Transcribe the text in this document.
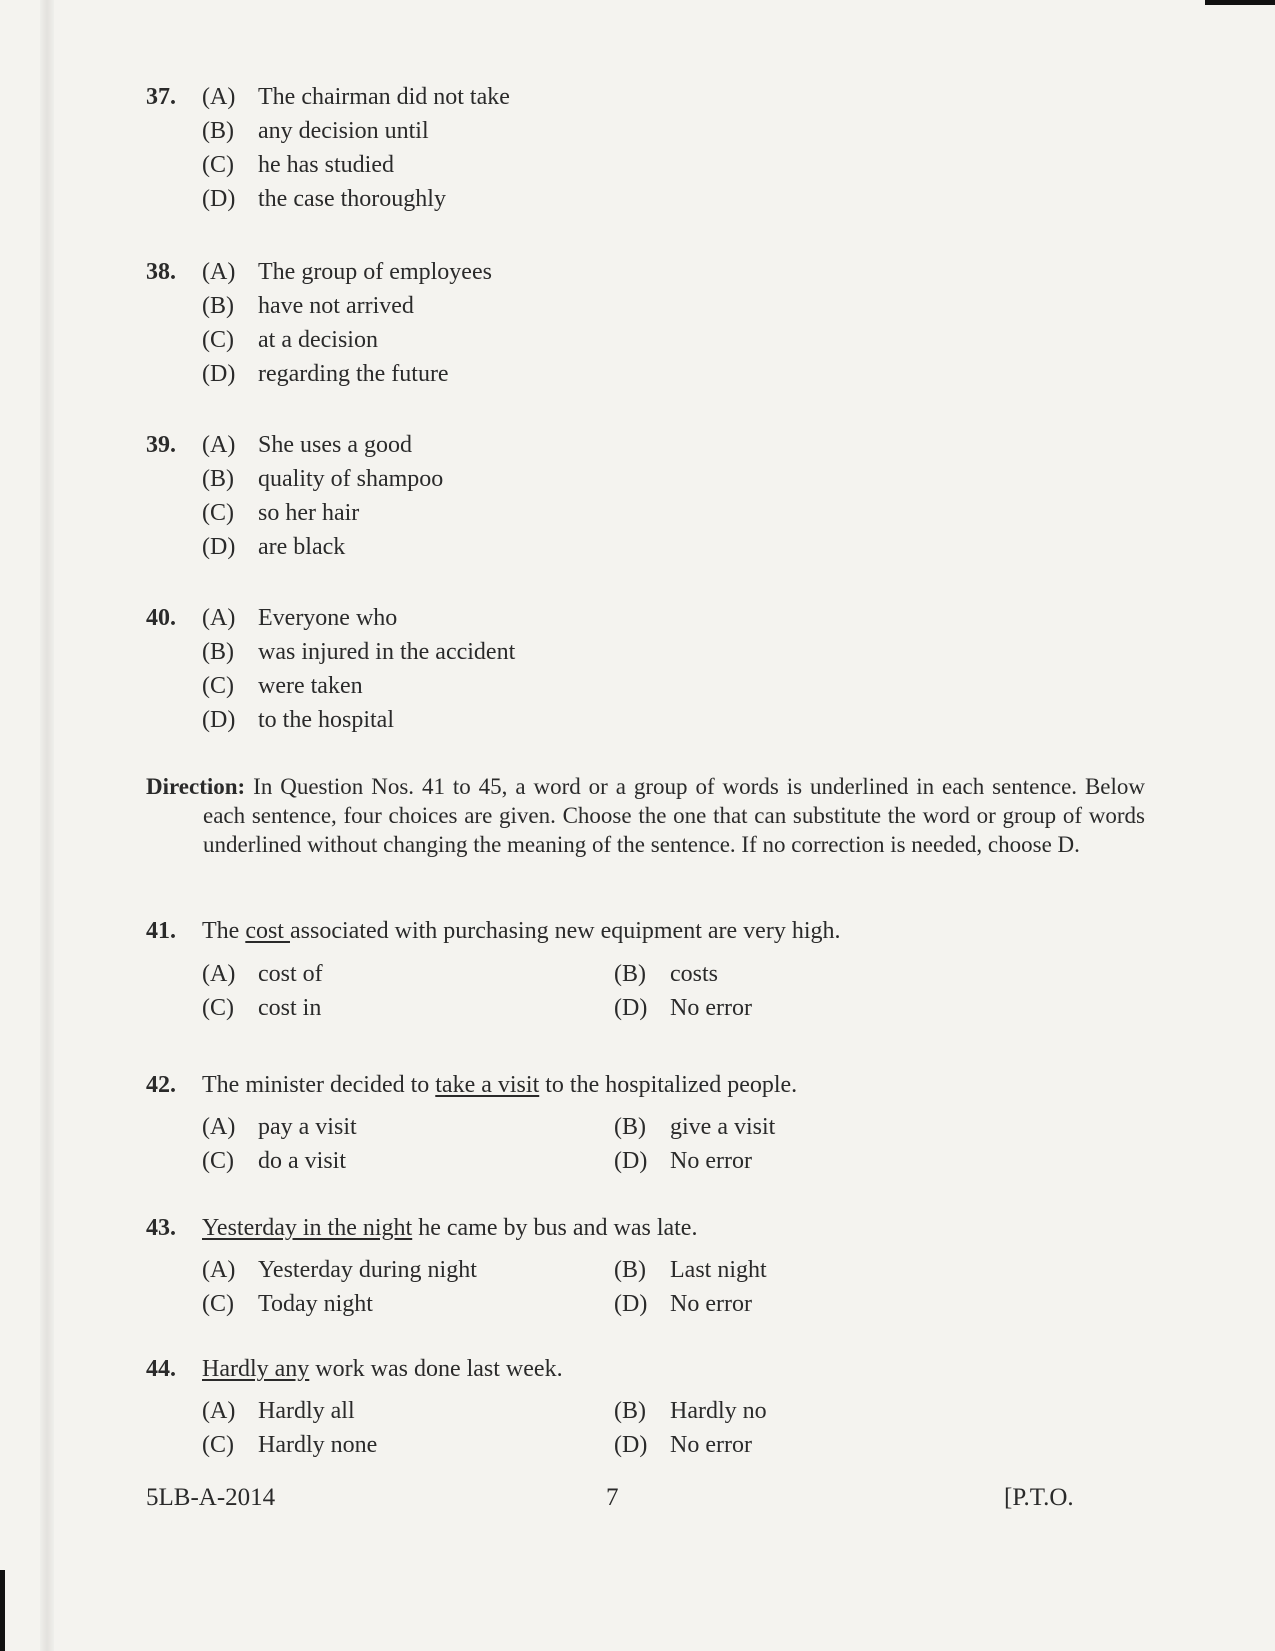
37. (A) The chairman did not take
(B) any decision until
(C) he has studied
(D) the case thoroughly
38. (A) The group of employees
(B) have not arrived
(C) at a decision
(D) regarding the future
39. (A) She uses a good
(B) quality of shampoo
(C) so her hair
(D) are black
40. (A) Everyone who
(B) was injured in the accident
(C) were taken
(D) to the hospital
Direction: In Question Nos. 41 to 45, a word or a group of words is underlined in each sentence. Below each sentence, four choices are given. Choose the one that can substitute the word or group of words underlined without changing the meaning of the sentence. If no correction is needed, choose D.
41. The cost associated with purchasing new equipment are very high.
(A) cost of	(B) costs
(C) cost in	(D) No error
42. The minister decided to take a visit to the hospitalized people.
(A) pay a visit	(B) give a visit
(C) do a visit	(D) No error
43. Yesterday in the night he came by bus and was late.
(A) Yesterday during night	(B) Last night
(C) Today night	(D) No error
44. Hardly any work was done last week.
(A) Hardly all	(B) Hardly no
(C) Hardly none	(D) No error
5LB-A-2014	7	[P.T.O.
